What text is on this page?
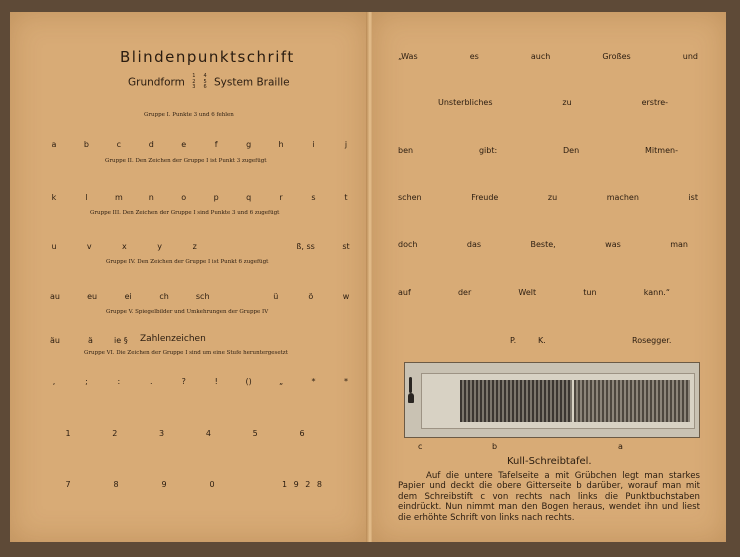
Blindenpunktschrift
Grundform
1
2
3
4
5
6 System Braille
Gruppe I. Punkte 3 und 6 fehlen
a	b	c	d	e	f	g	h	i	j
Gruppe II. Den Zeichen der Gruppe I ist Punkt 3 zugefügt
k	l	m	n	o	p	q	r	s	t
Gruppe III. Den Zeichen der Gruppe I sind Punkte 3 und 6 zugefügt
u	v	x	y	z	ß, ss	st
Gruppe IV. Den Zeichen der Gruppe I ist Punkt 6 zugefügt
au	eu	ei	ch	sch	ü	ö	w
Gruppe V. Spiegelbilder und Umkehrungen der Gruppe IV
äu	ä	ie § Zahlenzeichen
Gruppe VI. Die Zeichen der Gruppe I sind um eine Stufe heruntergesetzt
,	;	:	.	?	!	()	„	*	*
1	2	3	4	5	6
7	8	9	0	1 9 2 8
„Was	es	auch	Großes	und
Unsterbliches	zu	erstre-
ben	gibt:	Den	Mitmen-
schen	Freude	zu	machen	ist
doch	das	Beste,	was	man
auf	der	Welt	tun	kann.“
P.	K.	Rosegger.
c	b	a
Kull-Schreibtafel.
Auf die untere Tafelseite a mit Grübchen legt man starkes Papier und deckt die obere Gitterseite b darüber, worauf man mit dem Schreibstift c von rechts nach links die Punktbuchstaben eindrückt. Nun nimmt man den Bogen heraus, wendet ihn und liest die erhöhte Schrift von links nach rechts.
